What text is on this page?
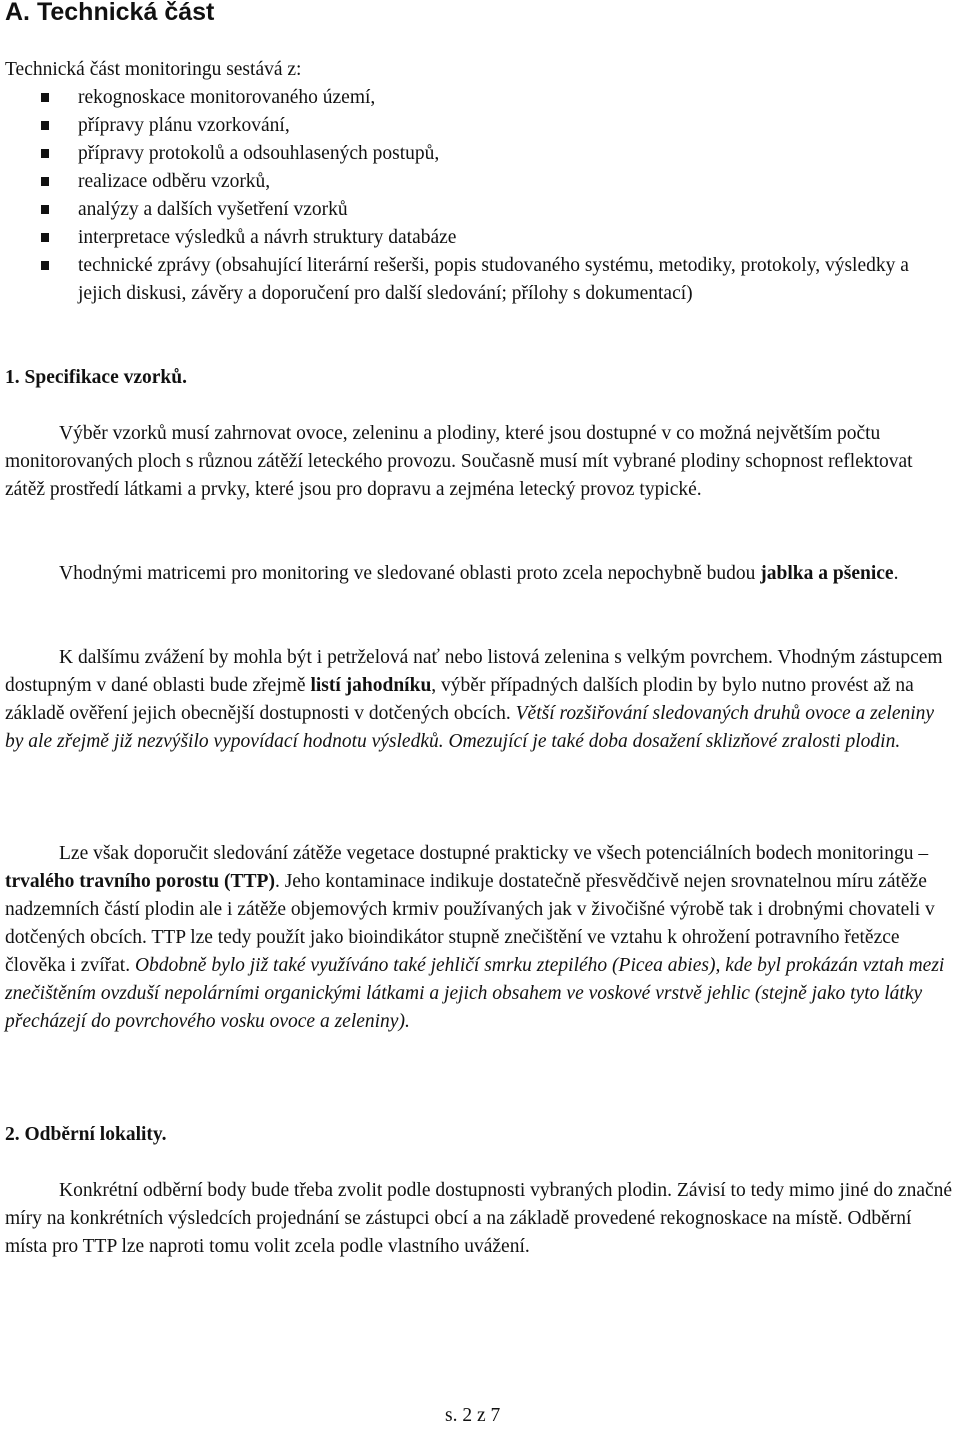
A. Technická část
Technická část monitoringu sestává z:
rekognoskace monitorovaného území,
přípravy plánu vzorkování,
přípravy protokolů a odsouhlasených postupů,
realizace odběru vzorků,
analýzy a dalších vyšetření vzorků
interpretace výsledků a návrh struktury databáze
technické zprávy (obsahující literární rešerši, popis studovaného systému, metodiky, protokoly, výsledky a jejich diskusi, závěry a doporučení pro další sledování; přílohy s dokumentací)
1. Specifikace vzorků.

Výběr vzorků musí zahrnovat ovoce, zeleninu a plodiny, které jsou dostupné v co možná největším počtu monitorovaných ploch s různou zátěží leteckého provozu. Současně musí mít vybrané plodiny schopnost reflektovat zátěž prostředí látkami a prvky, které jsou pro dopravu a zejména letecký provoz typické.

Vhodnými matricemi pro monitoring ve sledované oblasti proto zcela nepochybně budou jablka a pšenice.

K dalšímu zvážení by mohla být i petrželová nať nebo listová zelenina s velkým povrchem. Vhodným zástupcem dostupným v dané oblasti bude zřejmě listí jahodníku, výběr případných dalších plodin by bylo nutno provést až na základě ověření jejich obecnější dostupnosti v dotčených obcích. Větší rozšiřování sledovaných druhů ovoce a zeleniny by ale zřejmě již nezvýšilo vypovídací hodnotu výsledků. Omezující je také doba dosažení sklizňové zralosti plodin.

Lze však doporučit sledování zátěže vegetace dostupné prakticky ve všech potenciálních bodech monitoringu – trvalého travního porostu (TTP). Jeho kontaminace indikuje dostatečně přesvědčivě nejen srovnatelnou míru zátěže nadzemních částí plodin ale i zátěže objemových krmiv používaných jak v živočišné výrobě tak i drobnými chovateli v dotčených obcích. TTP lze tedy použít jako bioindikátor stupně znečištění ve vztahu k ohrožení potravního řetězce člověka i zvířat. Obdobně bylo již také využíváno také jehličí smrku ztepilého (Picea abies), kde byl prokázán vztah mezi znečištěním ovzduší nepolárními organickými látkami a jejich obsahem ve voskové vrstvě jehlic (stejně jako tyto látky přecházejí do povrchového vosku ovoce a zeleniny).

2. Odběrní lokality.

Konkrétní odběrní body bude třeba zvolit podle dostupnosti vybraných plodin. Závisí to tedy mimo jiné do značné míry na konkrétních výsledcích projednání se zástupci obcí a na základě provedené rekognoskace na místě. Odběrní místa pro TTP lze naproti tomu volit zcela podle vlastního uvážení.

s. 2 z 7
